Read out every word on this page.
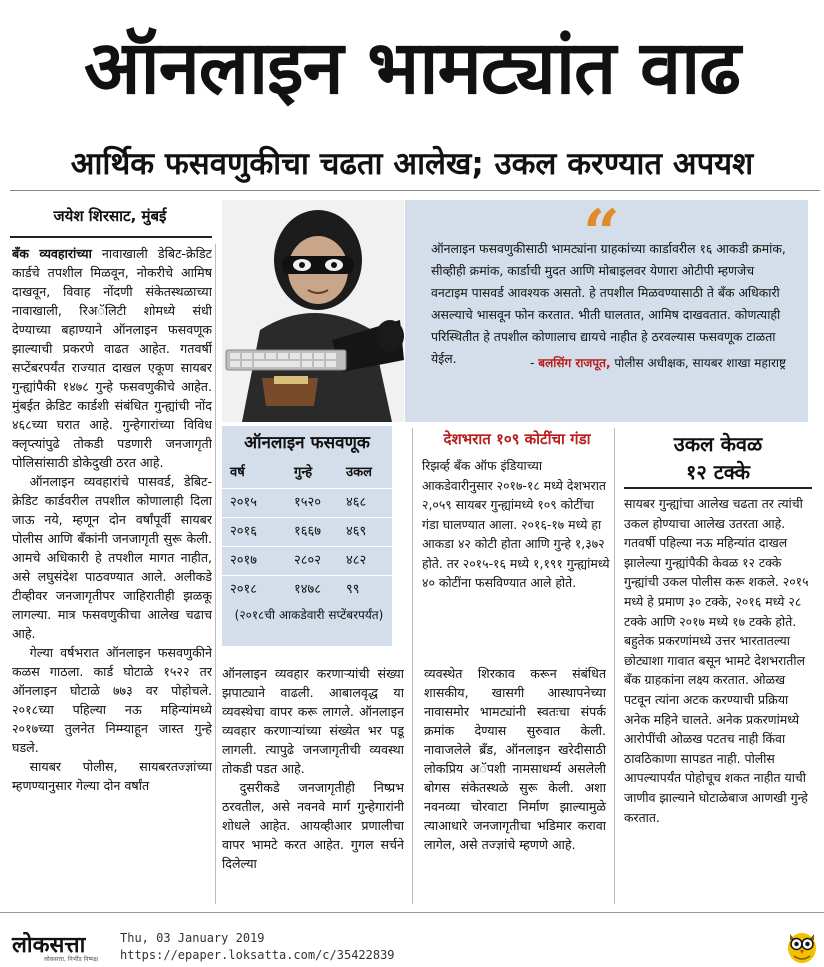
ऑनलाइन भामट्यांत वाढ
आर्थिक फसवणुकीचा चढता आलेख; उकल करण्यात अपयश
जयेश शिरसाट, मुंबई

बँक व्यवहारांच्या नावाखाली डेबिट-क्रेडिट कार्डचे तपशील मिळवून, नोकरीचे आमिष दाखवून, विवाह नोंदणी संकेतस्थळाच्या नावाखाली, रिअॅलिटी शोमध्ये संधी देण्याच्या बहाण्याने ऑनलाइन फसवणूक झाल्याची प्रकरणे वाढत आहेत. गतवर्षी सप्टेंबरपर्यंत राज्यात दाखल एकूण सायबर गुन्ह्यांपैकी १४७८ गुन्हे फसवणुकीचे आहेत. मुंबईत क्रेडिट कार्डशी संबंधित गुन्ह्यांची नोंद ४६८च्या घरात आहे. गुन्हेगारांच्या विविध क्लृप्त्यांपुढे तोकडी पडणारी जनजागृती पोलिसांसाठी डोकेदुखी ठरत आहे.

ऑनलाइन व्यवहारांचे पासवर्ड, डेबिट-क्रेडिट कार्डवरील तपशील कोणालाही दिला जाऊ नये, म्हणून दोन वर्षांपूर्वी सायबर पोलीस आणि बँकांनी जनजागृती सुरू केली. आमचे अधिकारी हे तपशील मागत नाहीत, असे लघुसंदेश पाठवण्यात आले. अलीकडे टीव्हीवर जनजागृतीपर जाहिरातीही झळकू लागल्या. मात्र फसवणुकीचा आलेख चढाच आहे.

गेल्या वर्षभरात ऑनलाइन फसवणुकीने कळस गाठला. कार्ड घोटाळे १५२२ तर ऑनलाइन घोटाळे ७७३ वर पोहोचले. २०१८च्या पहिल्या नऊ महिन्यांमध्ये २०१७च्या तुलनेत निम्म्याहून जास्त गुन्हे घडले.

सायबर पोलीस, सायबरतज्ज्ञांच्या म्हणण्यानुसार गेल्या दोन वर्षांत

“
ऑनलाइन फसवणुकीसाठी भामट्यांना ग्राहकांच्या कार्डावरील १६ आकडी क्रमांक, सीव्हीही क्रमांक, कार्डाची मुदत आणि मोबाइलवर येणारा ओटीपी म्हणजेच वनटाइम पासवर्ड आवश्यक असतो. हे तपशील मिळवण्यासाठी ते बँक अधिकारी असल्याचे भासवून फोन करतात. भीती घालतात, आमिष दाखवतात. कोणत्याही परिस्थितीत हे तपशील कोणालाच द्यायचे नाहीत हे ठरवल्यास फसवणूक टाळता येईल.	- बलसिंग राजपूत, पोलीस अधीक्षक, सायबर शाखा महाराष्ट्र
ऑनलाइन फसवणूक
वर्ष	गुन्हे	उकल
२०१५	१५२० ४६८
२०१६	१६६७ ४६९
२०१७	२८०२ ४८२
२०१८	१४७८ ९९
(२०१८ची आकडेवारी सप्टेंबरपर्यंत)
देशभरात १०९ कोटींचा गंडा
रिझर्व्ह बँक ऑफ इंडियाच्या आकडेवारीनुसार २०१७-१८ मध्ये देशभरात २,०५९ सायबर गुन्ह्यांमध्ये १०९ कोटींचा गंडा घालण्यात आला. २०१६-१७ मध्ये हा आकडा ४२ कोटी होता आणि गुन्हे १,३७२ होते. तर २०१५-१६ मध्ये १,१९१ गुन्ह्यांमध्ये ४० कोटींना फसविण्यात आले होते.
उकल केवळ
१२ टक्के
सायबर गुन्ह्यांचा आलेख चढता तर त्यांची उकल होण्याचा आलेख उतरता आहे. गतवर्षी पहिल्या नऊ महिन्यांत दाखल झालेल्या गुन्ह्यांपैकी केवळ १२ टक्के गुन्ह्यांची उकल पोलीस करू शकले. २०१५ मध्ये हे प्रमाण ३० टक्के, २०१६ मध्ये २८ टक्के आणि २०१७ मध्ये १७ टक्के होते. बहुतेक प्रकरणांमध्ये उत्तर भारतातल्या छोट्याशा गावात बसून भामटे देशभरातील बँक ग्राहकांना लक्ष्य करतात. ओळख पटवून त्यांना अटक करण्याची प्रक्रिया अनेक महिने चालते. अनेक प्रकरणांमध्ये आरोपींची ओळख पटतच नाही किंवा ठावठिकाणा सापडत नाही. पोलीस आपल्यापर्यंत पोहोचूच शकत नाहीत याची जाणीव झाल्याने घोटाळेबाज आणखी गुन्हे करतात.

ऑनलाइन व्यवहार करणाऱ्यांची संख्या झपाट्याने वाढली. आबालवृद्ध या व्यवस्थेचा वापर करू लागले. ऑनलाइन व्यवहार करणाऱ्यांच्या संख्येत भर पडू लागली. त्यापुढे जनजागृतीची व्यवस्था तोकडी पडत आहे.

दुसरीकडे जनजागृतीही निष्प्रभ ठरवतील, असे नवनवे मार्ग गुन्हेगारांनी शोधले आहेत. आयव्हीआर प्रणालीचा वापर भामटे करत आहेत. गुगल सर्चने दिलेल्या

व्यवस्थेत शिरकाव करून संबंधित शासकीय, खासगी आस्थापनेच्या नावासमोर भामट्यांनी स्वतःचा संपर्क क्रमांक देण्यास सुरुवात केली. नावाजलेले ब्रँड, ऑनलाइन खरेदीसाठी लोकप्रिय अॅपशी नामसाधर्म्य असलेली बोगस संकेतस्थळे सुरू केली. अशा नवनव्या चोरवाटा निर्माण झाल्यामुळे त्याआधारे जनजागृतीचा भडिमार करावा लागेल, असे तज्ज्ञांचे म्हणणे आहे.

लोकसत्ता
लोकसत्ता, निर्भीड निष्पक्ष
Thu, 03 January 2019
https://epaper.loksatta.com/c/35422839
